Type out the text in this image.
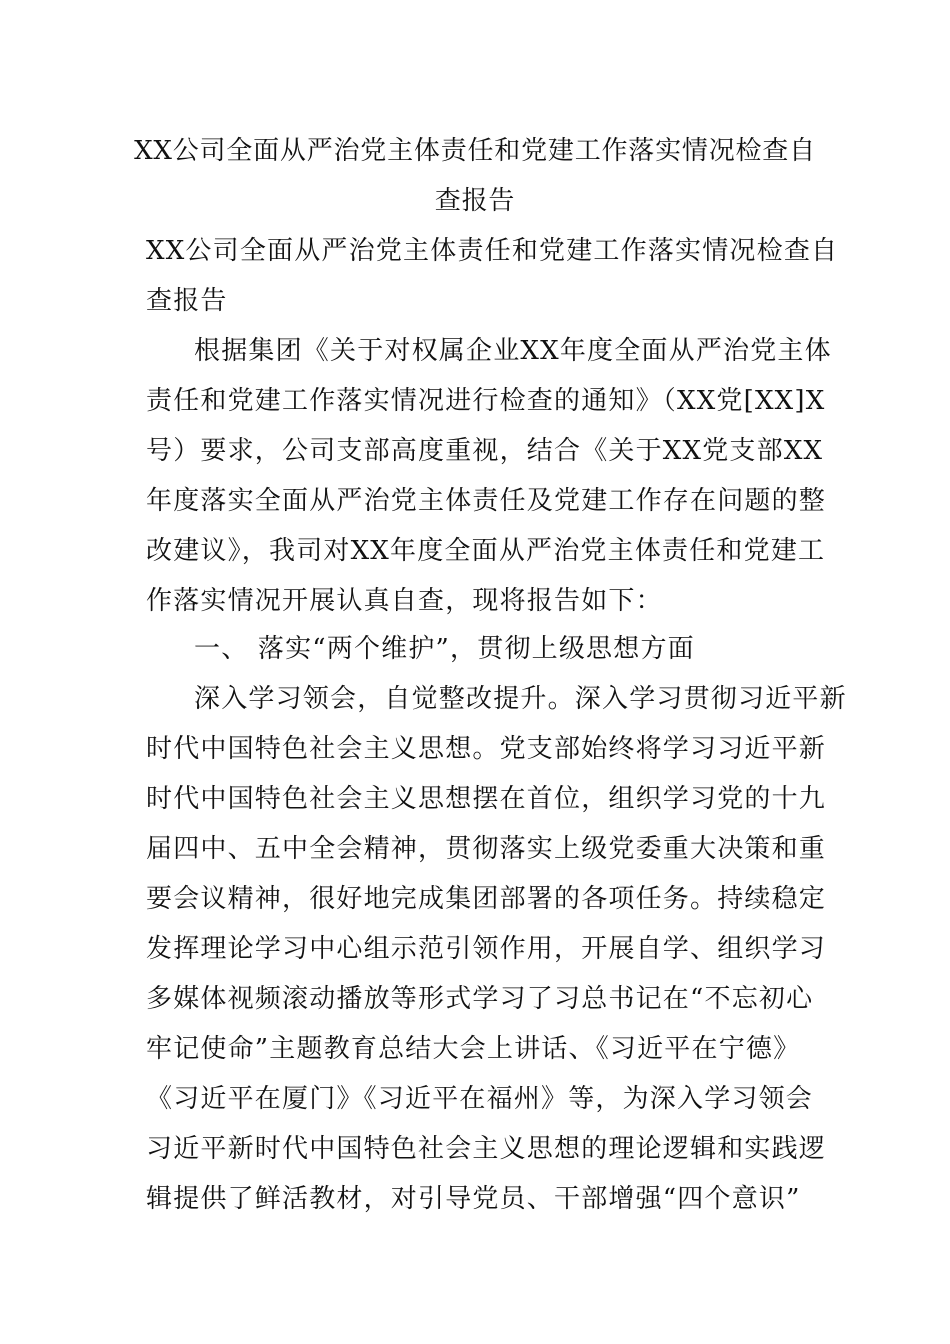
XX公司全面从严治党主体责任和党建工作落实情况检查自
查报告
XX公司全面从严治党主体责任和党建工作落实情况检查自
查报告
根据集团《关于对权属企业XX年度全面从严治党主体
责任和党建工作落实情况进行检查的通知》（XX党[XX]X
号）要求，公司支部高度重视，结合《关于XX党支部XX
年度落实全面从严治党主体责任及党建工作存在问题的整
改建议》，我司对XX年度全面从严治党主体责任和党建工
作落实情况开展认真自查，现将报告如下：
一、 落实“两个维护”，贯彻上级思想方面
深入学习领会，自觉整改提升。深入学习贯彻习近平新
时代中国特色社会主义思想。党支部始终将学习习近平新
时代中国特色社会主义思想摆在首位，组织学习党的十九
届四中、五中全会精神，贯彻落实上级党委重大决策和重
要会议精神，很好地完成集团部署的各项任务。持续稳定
发挥理论学习中心组示范引领作用，开展自学、组织学习
多媒体视频滚动播放等形式学习了习总书记在“不忘初心
牢记使命”主题教育总结大会上讲话、《习近平在宁德》
《习近平在厦门》《习近平在福州》等，为深入学习领会
习近平新时代中国特色社会主义思想的理论逻辑和实践逻
辑提供了鲜活教材，对引导党员、干部增强“四个意识”
